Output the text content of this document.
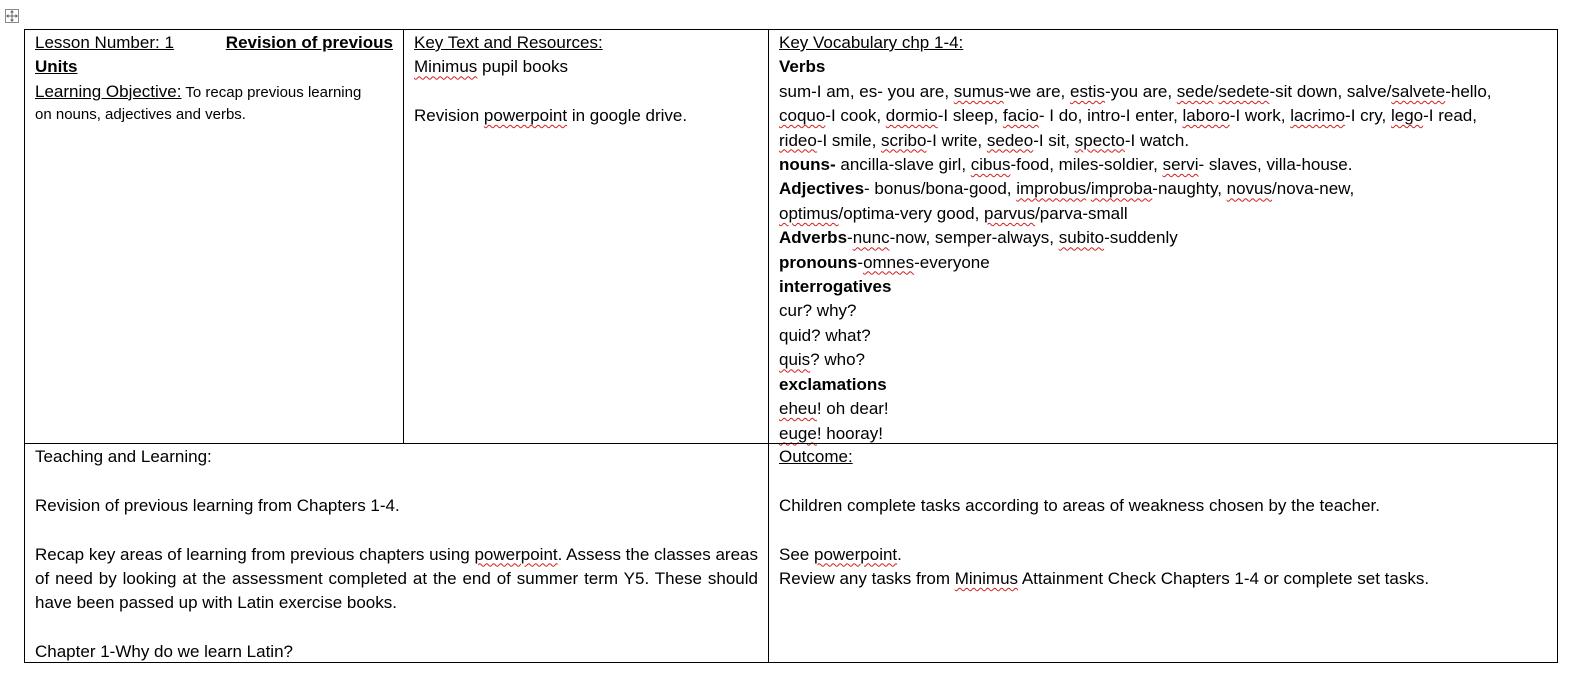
Lesson Number: 1	Revision of previous
Units
Learning Objective: To recap previous learning
on nouns, adjectives and verbs.
Key Text and Resources:
Minimus pupil books
Revision powerpoint in google drive.
Key Vocabulary chp 1-4:
Verbs
sum-I am, es- you are, sumus-we are, estis-you are, sede/sedete-sit down, salve/salvete-hello,
coquo-I cook, dormio-I sleep, facio- I do, intro-I enter, laboro-I work, lacrimo-I cry, lego-I read,
rideo-I smile, scribo-I write, sedeo-I sit, specto-I watch.
nouns- ancilla-slave girl, cibus-food, miles-soldier, servi- slaves, villa-house.
Adjectives- bonus/bona-good, improbus/improba-naughty, novus/nova-new,
optimus/optima-very good, parvus/parva-small
Adverbs-nunc-now, semper-always, subito-suddenly
pronouns-omnes-everyone
interrogatives
cur? why?
quid? what?
quis? who?
exclamations
eheu! oh dear!
euge! hooray!
Teaching and Learning:
Revision of previous learning from Chapters 1-4.
Recap key areas of learning from previous chapters using powerpoint. Assess the classes areas of need by looking at the assessment completed at the end of summer term Y5. These should have been passed up with Latin exercise books.
Chapter 1-Why do we learn Latin?
Outcome:
Children complete tasks according to areas of weakness chosen by the teacher.
See powerpoint.
Review any tasks from Minimus Attainment Check Chapters 1-4 or complete set tasks.
